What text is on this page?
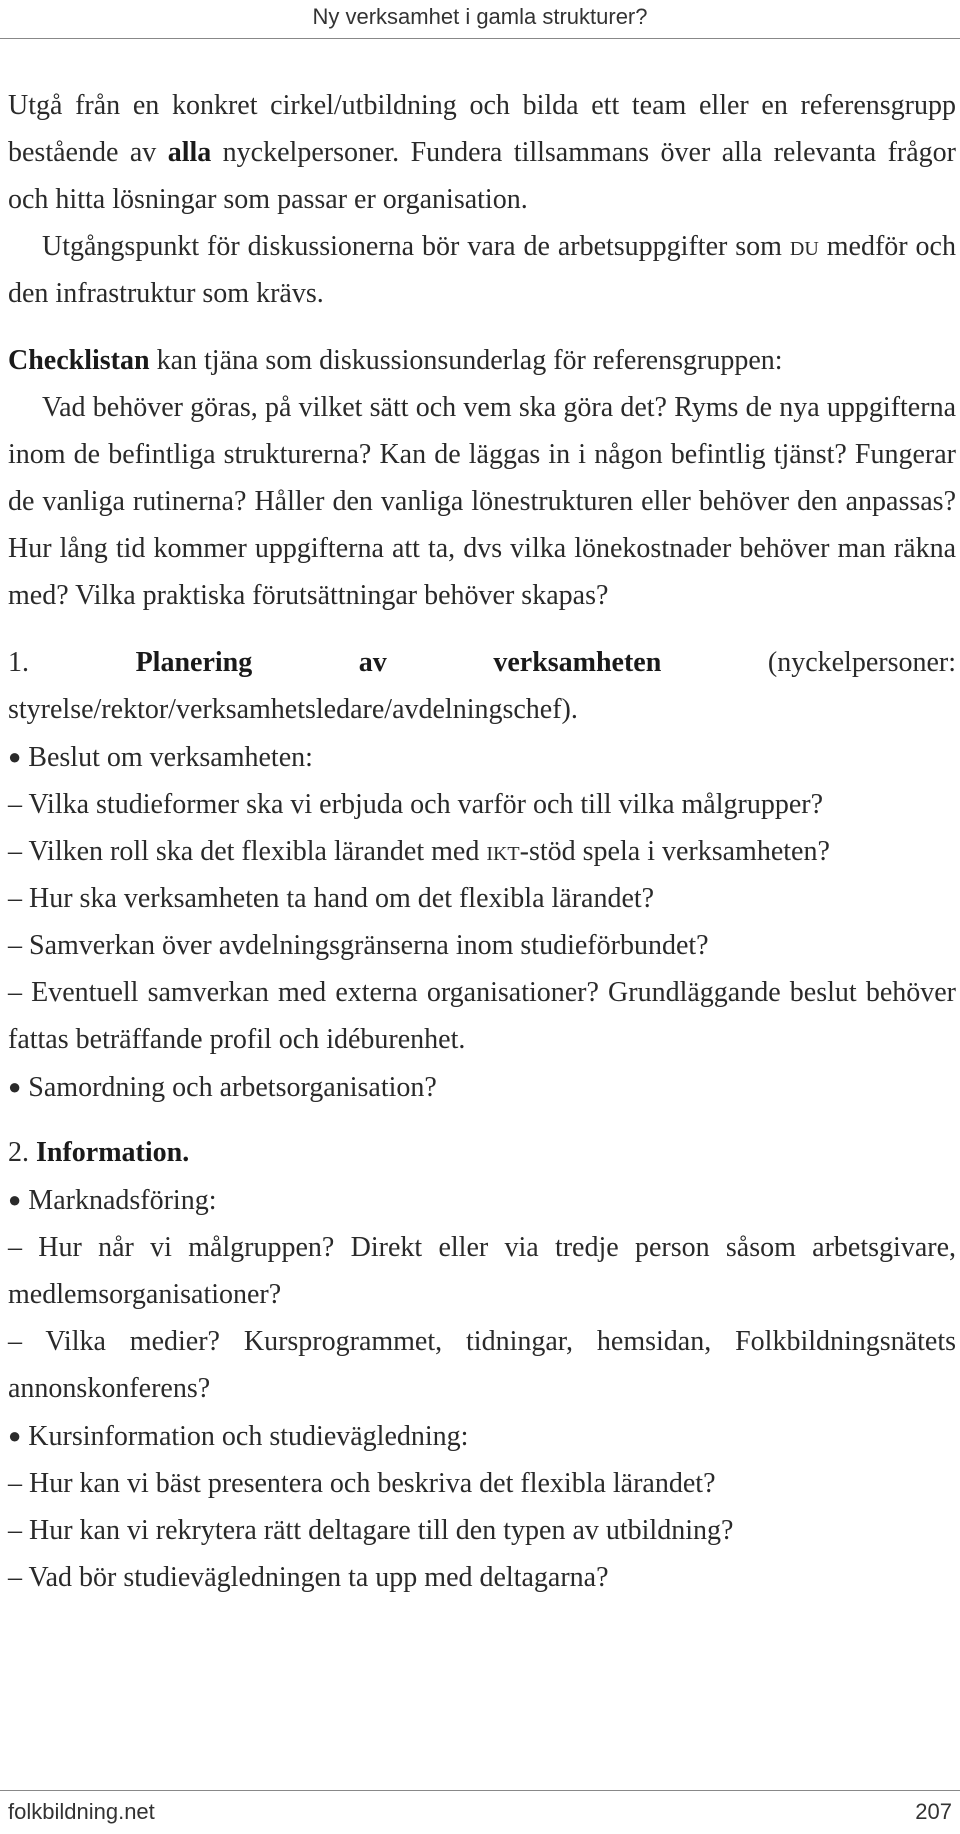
Ny verksamhet i gamla strukturer?

Utgå från en konkret cirkel/utbildning och bilda ett team eller en referensgrupp bestående av alla nyckelpersoner. Fundera tillsammans över alla relevanta frågor och hitta lösningar som passar er organisation.

Utgångspunkt för diskussionerna bör vara de arbetsuppgifter som du medför och den infrastruktur som krävs.

Checklistan kan tjäna som diskussionsunderlag för referensgruppen:

Vad behöver göras, på vilket sätt och vem ska göra det? Ryms de nya uppgifterna inom de befintliga strukturerna? Kan de läggas in i någon befintlig tjänst? Fungerar de vanliga rutinerna? Håller den vanliga lönestrukturen eller behöver den anpassas? Hur lång tid kommer uppgifterna att ta, dvs vilka lönekostnader behöver man räkna med? Vilka praktiska förutsättningar behöver skapas?

1.	Planering av verksamheten (nyckelpersoner: styrelse/rektor/verksamhetsledare/avdelningschef).

● Beslut om verksamheten:

– Vilka studieformer ska vi erbjuda och varför och till vilka målgrupper?

– Vilken roll ska det flexibla lärandet med ikt-stöd spela i verksamheten?

– Hur ska verksamheten ta hand om det flexibla lärandet?

– Samverkan över avdelningsgränserna inom studieförbundet?

– Eventuell samverkan med externa organisationer? Grundläggande beslut behöver fattas beträffande profil och idéburenhet.

● Samordning och arbetsorganisation?

2. Information.

● Marknadsföring:

– Hur når vi målgruppen? Direkt eller via tredje person såsom arbetsgivare, medlemsorganisationer?

– Vilka medier? Kursprogrammet, tidningar, hemsidan, Folkbildningsnätets annonskonferens?

● Kursinformation och studievägledning:

– Hur kan vi bäst presentera och beskriva det flexibla lärandet?

– Hur kan vi rekrytera rätt deltagare till den typen av utbildning?

– Vad bör studievägledningen ta upp med deltagarna?

folkbildning.net	207
